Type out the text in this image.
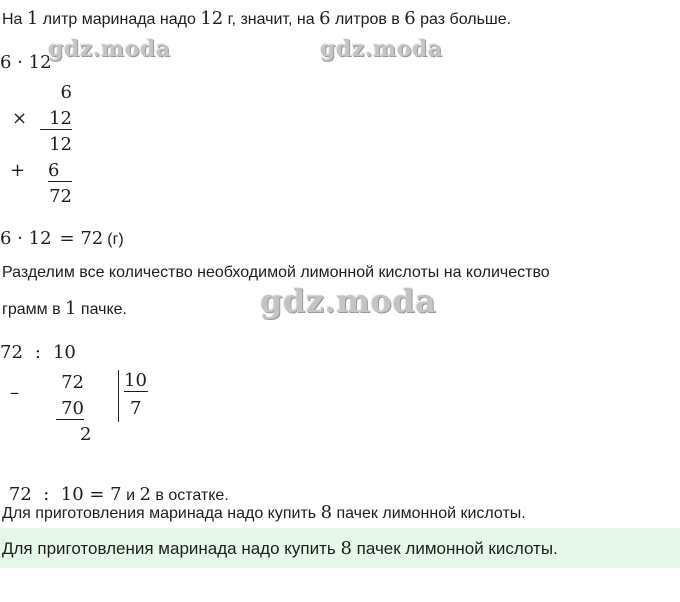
На 1 литр маринада надо 12 г, значит, на 6 литров в 6 раз больше.
6 · 12
gdz.moda	gdz.moda
gdz.moda
6
×	12
12
+ 6
72
6 · 12 = 72 (г)
Разделим все количество необходимой лимонной кислоты на количество
грамм в 1 пачке.
72 : 10
– 72
70
2
10
7

72  :  10 = 7 и 2 в остатке.

Для приготовления маринада надо купить 8 пачек лимонной кислоты.
Для приготовления маринада надо купить 8 пачек лимонной кислоты.
